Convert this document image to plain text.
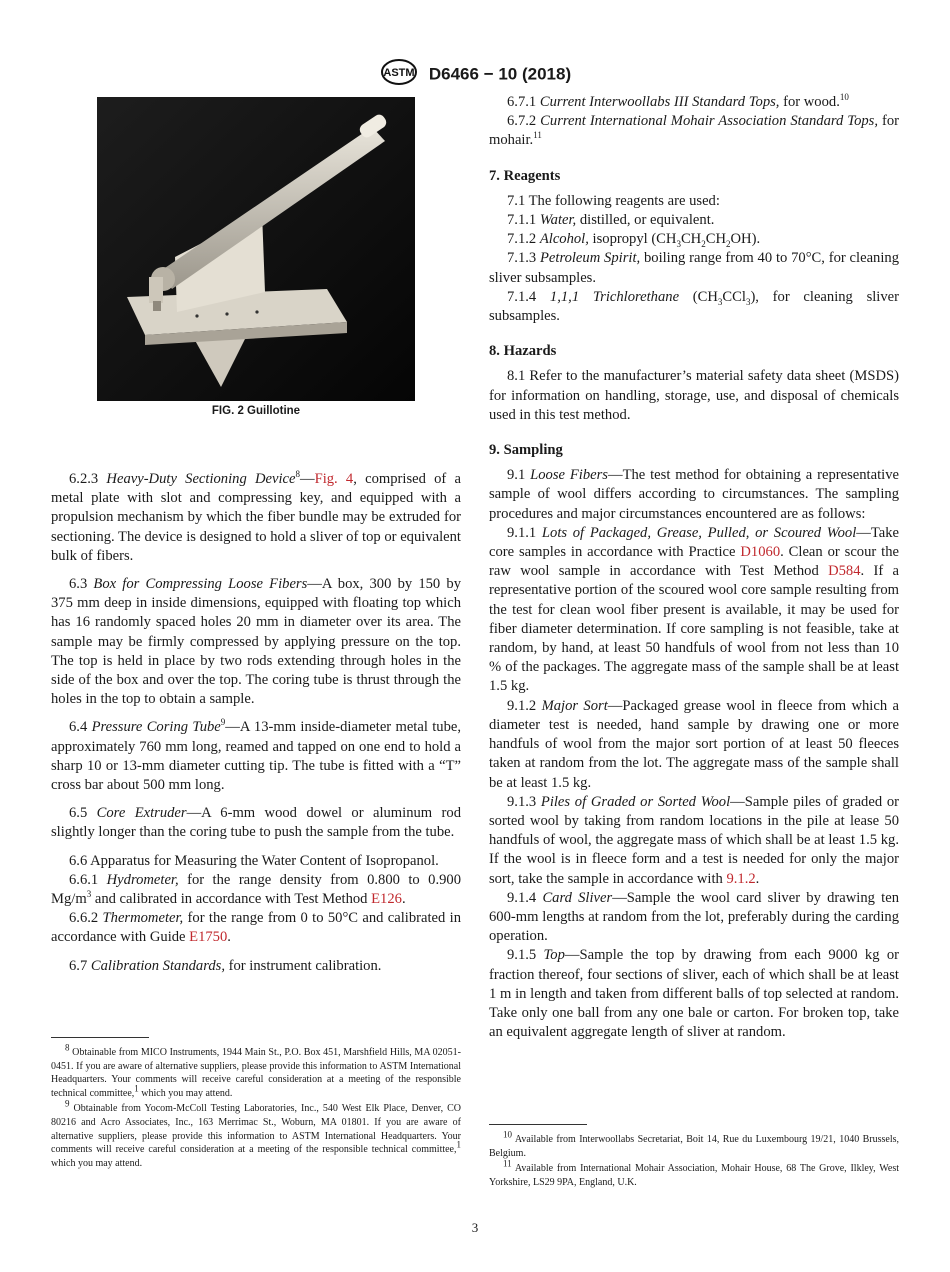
ASTM D6466 − 10 (2018)
FIG. 2 Guillotine

6.2.3 Heavy-Duty Sectioning Device$^8$—Fig. 4, comprised of a metal plate with slot and compressing key, and equipped with a propulsion mechanism by which the fiber bundle may be extruded for sectioning. The device is designed to hold a sliver of top or equivalent bulk of fibers.

6.3 Box for Compressing Loose Fibers—A box, 300 by 150 by 375 mm deep in inside dimensions, equipped with floating top which has 16 randomly spaced holes 20 mm in diameter over its area. The sample may be firmly compressed by applying pressure on the top. The top is held in place by two rods extending through holes in the side of the box and over the top. The coring tube is thrust through the holes in the top to obtain a sample.

6.4 Pressure Coring Tube$^9$—A 13-mm inside-diameter metal tube, approximately 760 mm long, reamed and tapped on one end to hold a sharp 10 or 13-mm diameter cutting tip. The tube is fitted with a “T” cross bar about 500 mm long.

6.5 Core Extruder—A 6-mm wood dowel or aluminum rod slightly longer than the coring tube to push the sample from the tube.

6.6 Apparatus for Measuring the Water Content of Isopropanol.

6.6.1 Hydrometer, for the range density from 0.800 to 0.900 $Mg/m^3$ and calibrated in accordance with Test Method E126.

6.6.2 Thermometer, for the range from 0 to 50°C and calibrated in accordance with Guide E1750.

6.7 Calibration Standards, for instrument calibration.

$^8$ Obtainable from MICO Instruments, 1944 Main St., P.O. Box 451, Marshfield Hills, MA 02051-0451. If you are aware of alternative suppliers, please provide this information to ASTM International Headquarters. Your comments will receive careful consideration at a meeting of the responsible technical committee,$^1$ which you may attend.

$^9$ Obtainable from Yocom-McColl Testing Laboratories, Inc., 540 West Elk Place, Denver, CO 80216 and Acro Associates, Inc., 163 Merrimac St., Woburn, MA 01801. If you are aware of alternative suppliers, please provide this information to ASTM International Headquarters. Your comments will receive careful consideration at a meeting of the responsible technical committee,$^1$ which you may attend.

6.7.1 Current Interwoollabs III Standard Tops, for wood.$^{10}$

6.7.2 Current International Mohair Association Standard Tops, for mohair.$^{11}$

7. Reagents

7.1 The following reagents are used:

7.1.1 Water, distilled, or equivalent.

7.1.2 Alcohol, isopropyl $(CH_3CH_2CH_2OH)$.

7.1.3 Petroleum Spirit, boiling range from 40 to 70°C, for cleaning sliver subsamples.

7.1.4 1,1,1 Trichlorethane $(CH_3CCl_3)$, for cleaning sliver subsamples.

8. Hazards

8.1 Refer to the manufacturer’s material safety data sheet (MSDS) for information on handling, storage, use, and disposal of chemicals used in this test method.

9. Sampling

9.1 Loose Fibers—The test method for obtaining a representative sample of wool differs according to circumstances. The sampling procedures and major circumstances encountered are as follows:

9.1.1 Lots of Packaged, Grease, Pulled, or Scoured Wool—Take core samples in accordance with Practice D1060. Clean or scour the raw wool sample in accordance with Test Method D584. If a representative portion of the scoured wool core sample resulting from the test for clean wool fiber present is available, it may be used for fiber diameter determination. If core sampling is not feasible, take at random, by hand, at least 50 handfuls of wool from not less than 10 % of the packages. The aggregate mass of the sample shall be at least 1.5 kg.

9.1.2 Major Sort—Packaged grease wool in fleece from which a diameter test is needed, hand sample by drawing one or more handfuls of wool from the major sort portion of at least 50 fleeces taken at random from the lot. The aggregate mass of the sample shall be at least 1.5 kg.

9.1.3 Piles of Graded or Sorted Wool—Sample piles of graded or sorted wool by taking from random locations in the pile at lease 50 handfuls of wool, the aggregate mass of which shall be at least 1.5 kg. If the wool is in fleece form and a test is needed for only the major sort, take the sample in accordance with 9.1.2.

9.1.4 Card Sliver—Sample the wool card sliver by drawing ten 600-mm lengths at random from the lot, preferably during the carding operation.

9.1.5 Top—Sample the top by drawing from each 9000 kg or fraction thereof, four sections of sliver, each of which shall be at least 1 m in length and taken from different balls of top selected at random. Take only one ball from any one bale or carton. For broken top, take an equivalent aggregate length of sliver at random.

$^{10}$ Available from Interwoollabs Secretariat, Boit 14, Rue du Luxembourg 19/21, 1040 Brussels, Belgium.

$^{11}$ Available from International Mohair Association, Mohair House, 68 The Grove, Ilkley, West Yorkshire, LS29 9PA, England, U.K.

3
